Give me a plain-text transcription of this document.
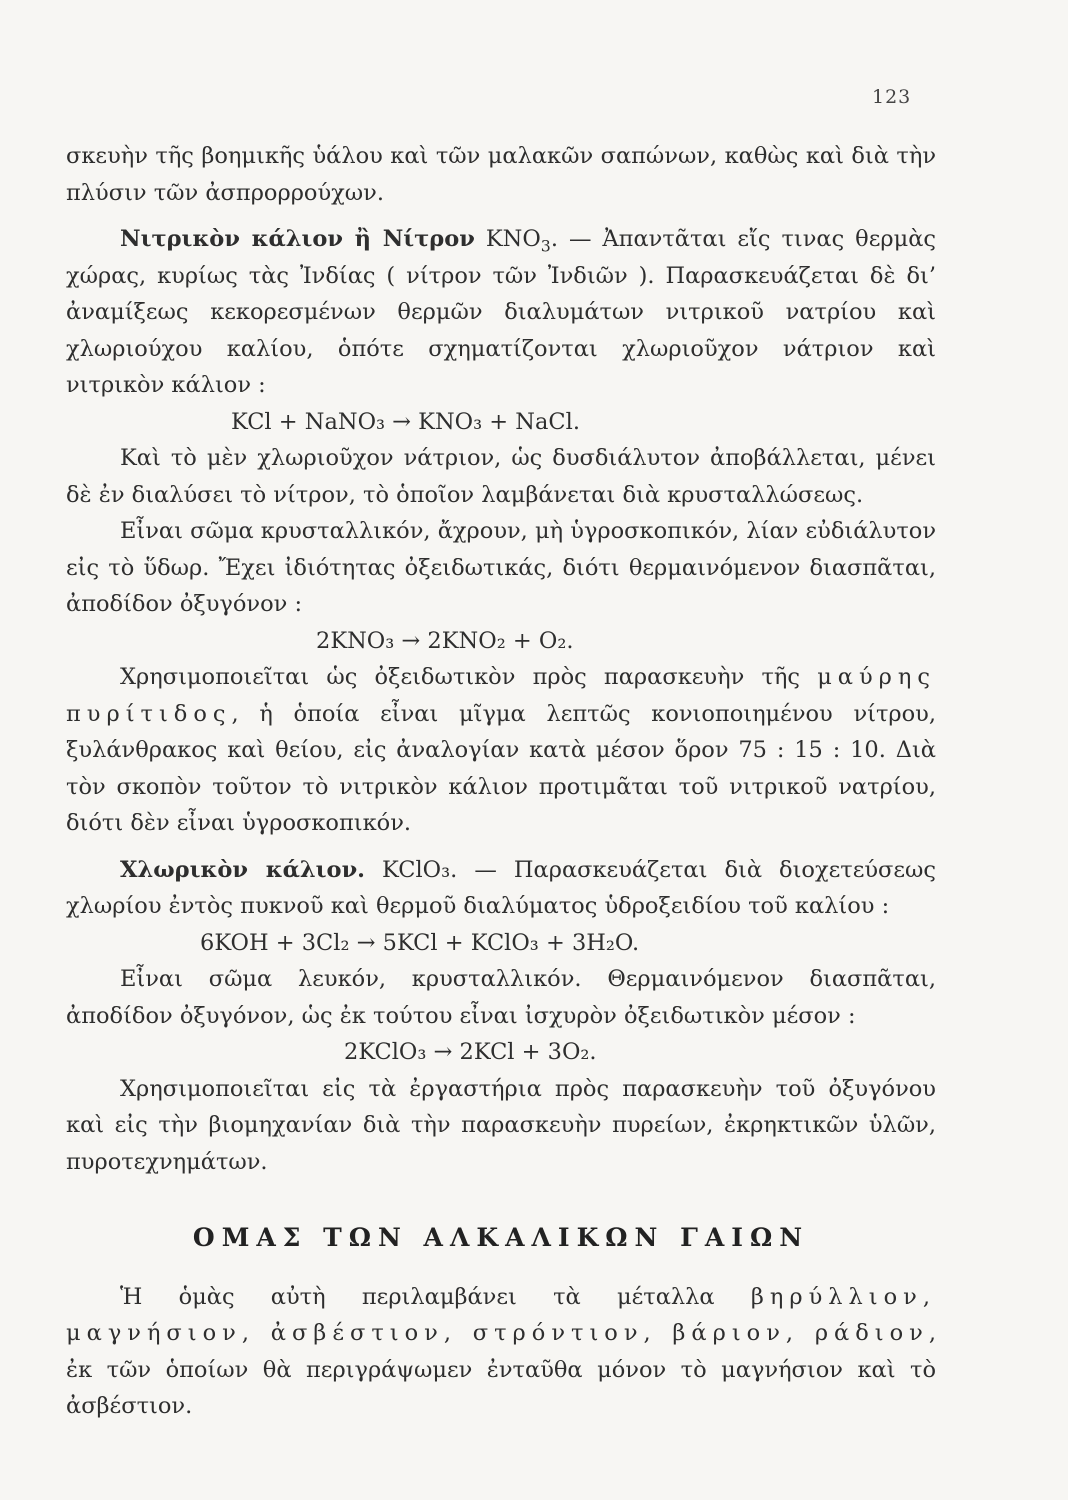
123

σκευὴν τῆς βοημικῆς ὑάλου καὶ τῶν μαλακῶν σαπώνων, καθὼς καὶ διὰ τὴν πλύσιν τῶν ἀσπρορρούχων.

Νιτρικὸν κάλιον ἢ Νίτρον $KNO_3$. — Ἀπαντᾶται εἴς τινας θερμὰς χώρας, κυρίως τὰς Ἰνδίας ( νίτρον τῶν Ἰνδιῶν ). Παρασκευάζεται δὲ δι’ ἀναμίξεως κεκορεσμένων θερμῶν διαλυμάτων νιτρικοῦ νατρίου καὶ χλωριούχου καλίου, ὁπότε σχηματίζονται χλωριοῦχον νάτριον καὶ νιτρικὸν κάλιον :

KCl + NaNO₃ → KNO₃ + NaCl.

Καὶ τὸ μὲν χλωριοῦχον νάτριον, ὡς δυσδιάλυτον ἀποβάλλεται, μένει δὲ ἐν διαλύσει τὸ νίτρον, τὸ ὁποῖον λαμβάνεται διὰ κρυσταλλώσεως.

Εἶναι σῶμα κρυσταλλικόν, ἄχρουν, μὴ ὑγροσκοπικόν, λίαν εὐδιάλυτον εἰς τὸ ὕδωρ. Ἔχει ἰδιότητας ὀξειδωτικάς, διότι θερμαινόμενον διασπᾶται, ἀποδίδον ὀξυγόνον :

2KNO₃ → 2KNO₂ + O₂.

Χρησιμοποιεῖται ὡς ὀξειδωτικὸν πρὸς παρασκευὴν τῆς μαύρης πυρίτιδος, ἡ ὁποία εἶναι μῖγμα λεπτῶς κονιοποιημένου νίτρου, ξυλάνθρακος καὶ θείου, εἰς ἀναλογίαν κατὰ μέσον ὅρον 75 : 15 : 10. Διὰ τὸν σκοπὸν τοῦτον τὸ νιτρικὸν κάλιον προτιμᾶται τοῦ νιτρικοῦ νατρίου, διότι δὲν εἶναι ὑγροσκοπικόν.

Χλωρικὸν κάλιον. KClO₃. — Παρασκευάζεται διὰ διοχετεύσεως χλωρίου ἐντὸς πυκνοῦ καὶ θερμοῦ διαλύματος ὑδροξειδίου τοῦ καλίου :

6KOH + 3Cl₂ → 5KCl + KClO₃ + 3H₂O.

Εἶναι σῶμα λευκόν, κρυσταλλικόν. Θερμαινόμενον διασπᾶται, ἀποδίδον ὀξυγόνον, ὡς ἐκ τούτου εἶναι ἰσχυρὸν ὀξειδωτικὸν μέσον :

2KClO₃ → 2KCl + 3O₂.

Χρησιμοποιεῖται εἰς τὰ ἐργαστήρια πρὸς παρασκευὴν τοῦ ὀξυγόνου καὶ εἰς τὴν βιομηχανίαν διὰ τὴν παρασκευὴν πυρείων, ἐκρηκτικῶν ὑλῶν, πυροτεχνημάτων.

ΟΜΑΣ ΤΩΝ ΑΛΚΑΛΙΚΩΝ ΓΑΙΩΝ

Ἡ ὁμὰς αὐτὴ περιλαμβάνει τὰ μέταλλα βηρύλλιον, μαγνήσιον, ἀσβέστιον, στρόντιον, βάριον, ράδιον, ἐκ τῶν ὁποίων θὰ περιγράψωμεν ἐνταῦθα μόνον τὸ μαγνήσιον καὶ τὸ ἀσβέστιον.
